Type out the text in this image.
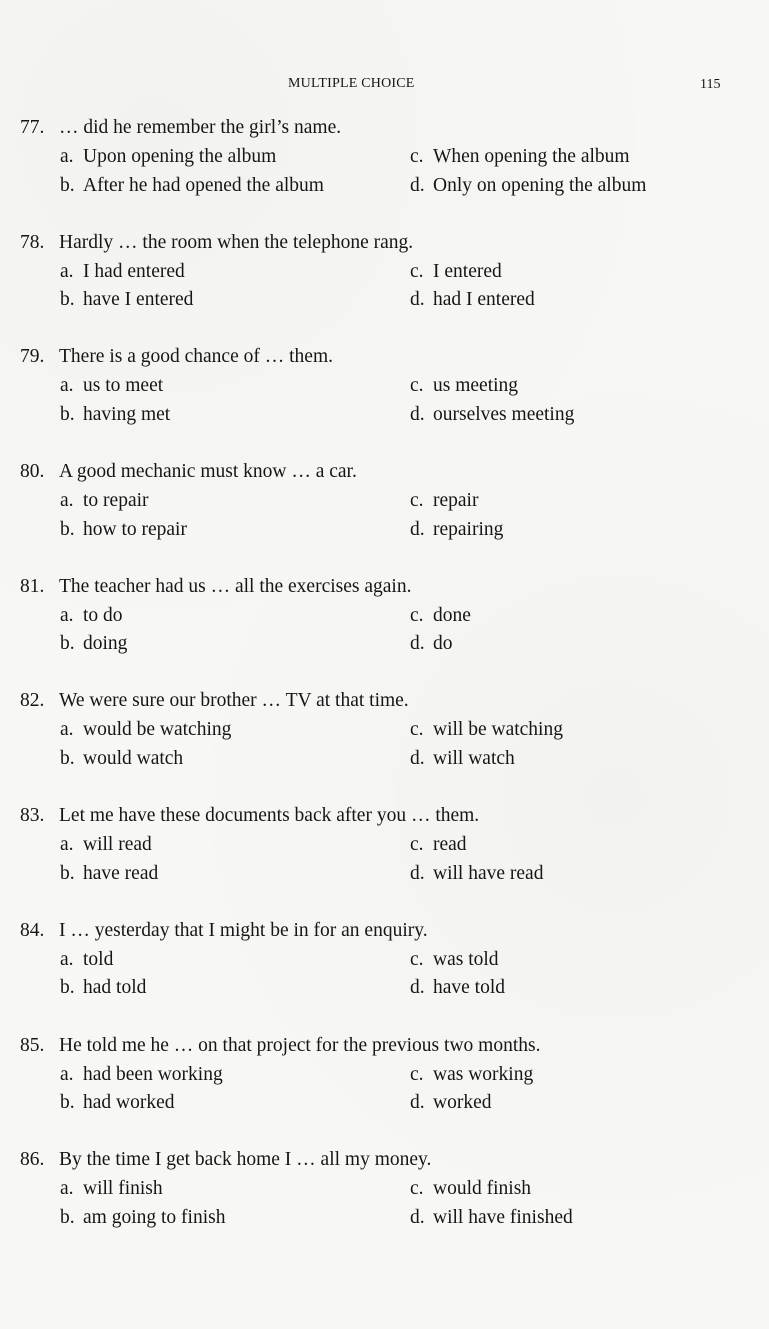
MULTIPLE CHOICE	115
77. … did he remember the girl’s name.
a. Upon opening the album	c. When opening the album
b. After he had opened the album	d. Only on opening the album
78. Hardly … the room when the telephone rang.
a. I had entered	c. I entered
b. have I entered	d. had I entered
79. There is a good chance of … them.
a. us to meet	c. us meeting
b. having met	d. ourselves meeting
80. A good mechanic must know … a car.
a. to repair	c. repair
b. how to repair	d. repairing
81. The teacher had us … all the exercises again.
a. to do	c. done
b. doing	d. do
82. We were sure our brother … TV at that time.
a. would be watching	c. will be watching
b. would watch	d. will watch
83. Let me have these documents back after you … them.
a. will read	c. read
b. have read	d. will have read
84. I … yesterday that I might be in for an enquiry.
a. told	c. was told
b. had told	d. have told
85. He told me he … on that project for the previous two months.
a. had been working	c. was working
b. had worked	d. worked
86. By the time I get back home I … all my money.
a. will finish	c. would finish
b. am going to finish	d. will have finished
